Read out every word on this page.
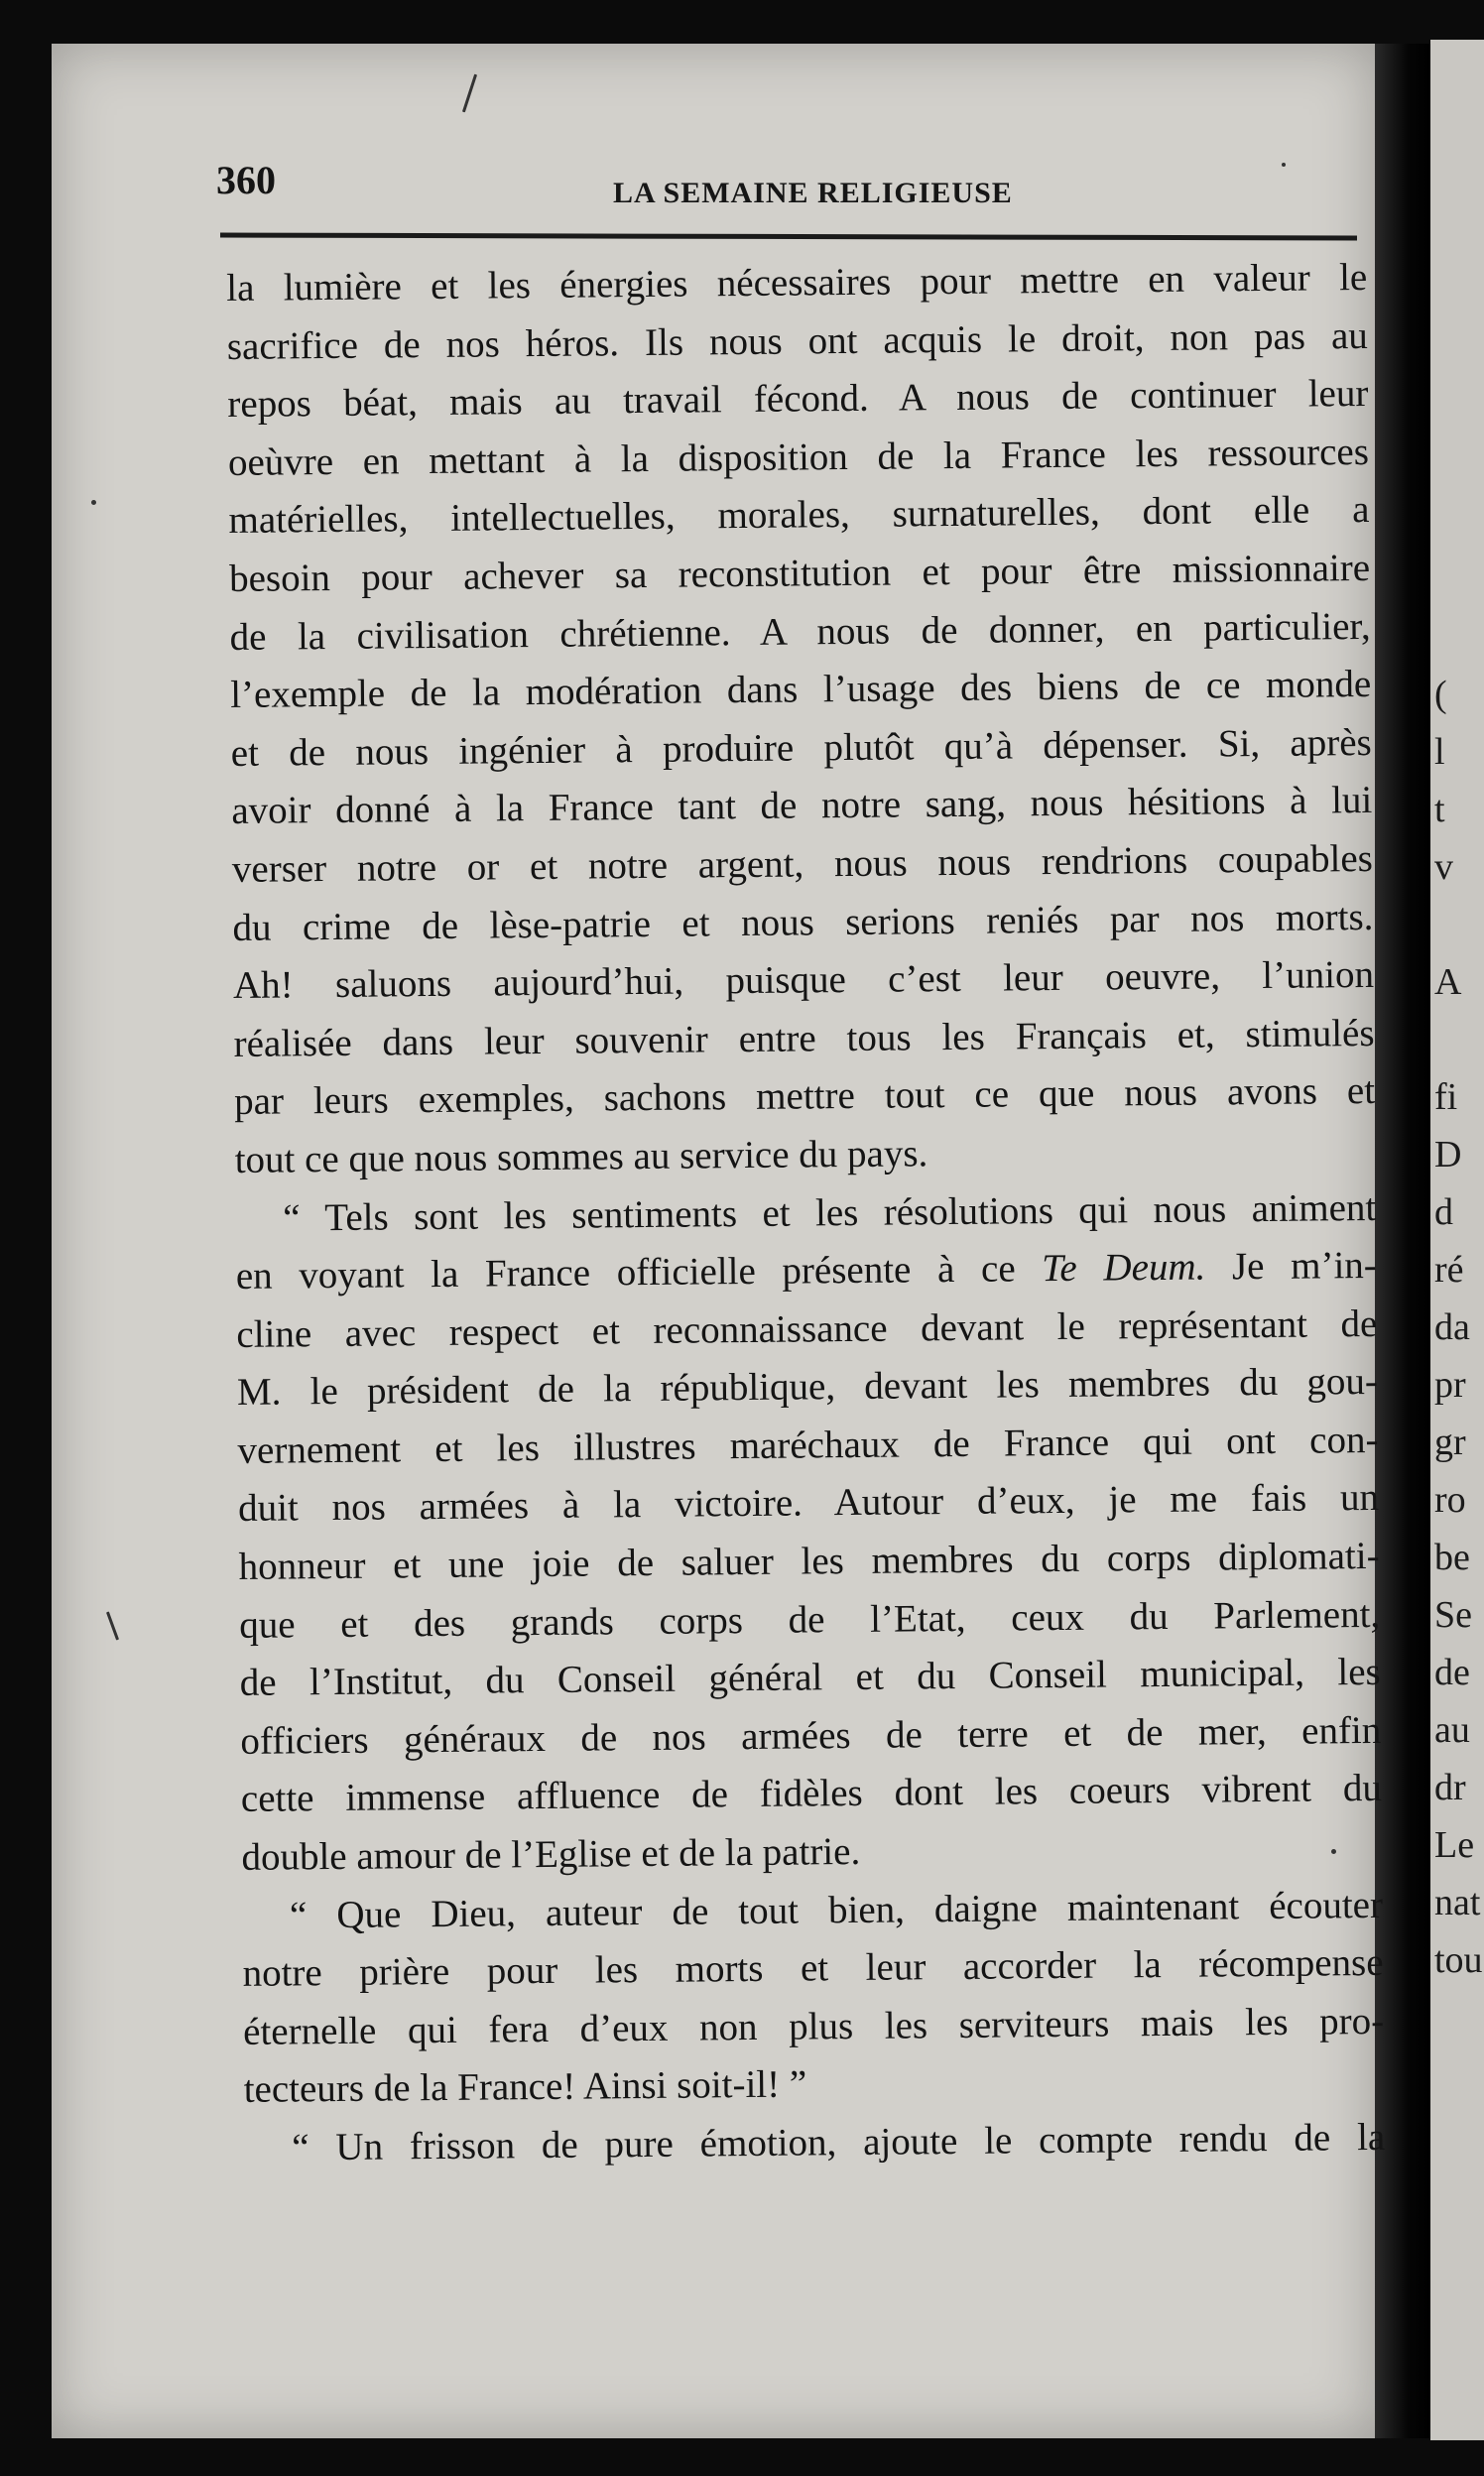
(
l
t
v
A
fi
D
d
ré
da
pr
gr
ro
be
Se
de
au
dr
Le
nat
tou
360	LA SEMAINE RELIGIEUSE
la lumière et les énergies nécessaires pour mettre en valeur le
sacrifice de nos héros. Ils nous ont acquis le droit, non pas au
repos béat, mais au travail fécond. A nous de continuer leur
oeùvre en mettant à la disposition de la France les ressources
matérielles, intellectuelles, morales, surnaturelles, dont elle a
besoin pour achever sa reconstitution et pour être missionnaire
de la civilisation chrétienne. A nous de donner, en particulier,
l’exemple de la modération dans l’usage des biens de ce monde
et de nous ingénier à produire plutôt qu’à dépenser. Si, après
avoir donné à la France tant de notre sang, nous hésitions à lui
verser notre or et notre argent, nous nous rendrions coupables
du crime de lèse-patrie et nous serions reniés par nos morts.
Ah! saluons aujourd’hui, puisque c’est leur oeuvre, l’union
réalisée dans leur souvenir entre tous les Français et, stimulés
par leurs exemples, sachons mettre tout ce que nous avons et
tout ce que nous sommes au service du pays.
“ Tels sont les sentiments et les résolutions qui nous animent
en voyant la France officielle présente à ce Te Deum. Je m’in-
cline avec respect et reconnaissance devant le représentant de
M. le président de la république, devant les membres du gou-
vernement et les illustres maréchaux de France qui ont con-
duit nos armées à la victoire. Autour d’eux, je me fais un
honneur et une joie de saluer les membres du corps diplomati-
que et des grands corps de l’Etat, ceux du Parlement,
de l’Institut, du Conseil général et du Conseil municipal, les
officiers généraux de nos armées de terre et de mer, enfin
cette immense affluence de fidèles dont les coeurs vibrent du
double amour de l’Eglise et de la patrie.
“ Que Dieu, auteur de tout bien, daigne maintenant écouter
notre prière pour les morts et leur accorder la récompense
éternelle qui fera d’eux non plus les serviteurs mais les pro-
tecteurs de la France! Ainsi soit-il! ”
“ Un frisson de pure émotion, ajoute le compte rendu de la
